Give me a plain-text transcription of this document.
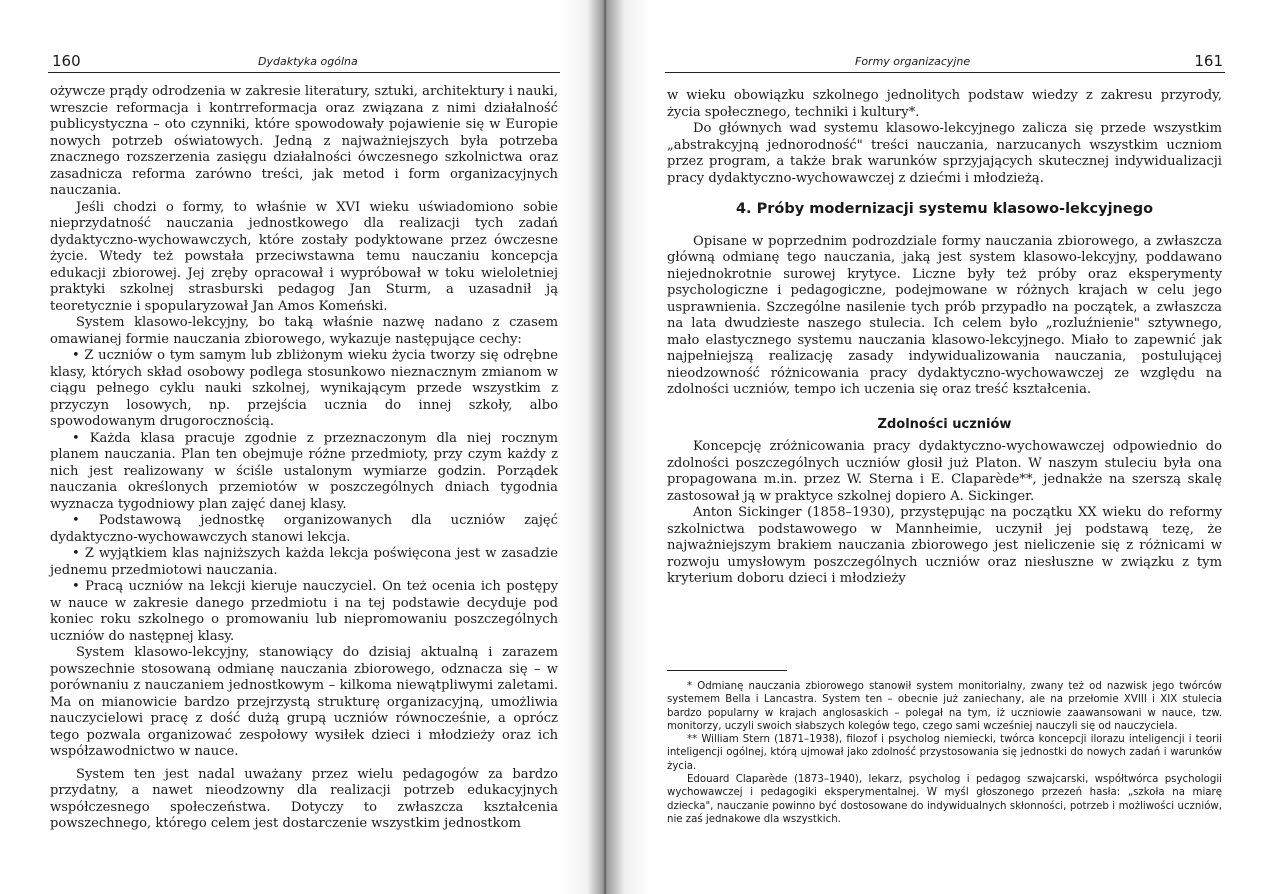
160	Dydaktyka ogólna

ożywcze prądy odrodzenia w zakresie literatury, sztuki, architektury i nauki, wreszcie reformacja i kontrreformacja oraz związana z nimi działalność publicystyczna – oto czynniki, które spowodowały pojawienie się w Europie nowych potrzeb oświatowych. Jedną z najważniejszych była potrzeba znacznego rozszerzenia zasięgu działalności ówczesnego szkolnictwa oraz zasadnicza reforma zarówno treści, jak metod i form organizacyjnych nauczania.

Jeśli chodzi o formy, to właśnie w XVI wieku uświadomiono sobie nieprzydatność nauczania jednostkowego dla realizacji tych zadań dydaktyczno-wychowawczych, które zostały podyktowane przez ówczesne życie. Wtedy też powstała przeciwstawna temu nauczaniu koncepcja edukacji zbiorowej. Jej zręby opracował i wypróbował w toku wieloletniej praktyki szkolnej strasburski pedagog Jan Sturm, a uzasadnił ją teoretycznie i spopularyzował Jan Amos Komeński.

System klasowo-lekcyjny, bo taką właśnie nazwę nadano z czasem omawianej formie nauczania zbiorowego, wykazuje następujące cechy:

• Z uczniów o tym samym lub zbliżonym wieku życia tworzy się odrębne klasy, których skład osobowy podlega stosunkowo nieznacznym zmianom w ciągu pełnego cyklu nauki szkolnej, wynikającym przede wszystkim z przyczyn losowych, np. przejścia ucznia do innej szkoły, albo spowodowanym drugorocznością.

• Każda klasa pracuje zgodnie z przeznaczonym dla niej rocznym planem nauczania. Plan ten obejmuje różne przedmioty, przy czym każdy z nich jest realizowany w ściśle ustalonym wymiarze godzin. Porządek nauczania określonych przemiotów w poszczególnych dniach tygodnia wyznacza tygodniowy plan zajęć danej klasy.

• Podstawową jednostkę organizowanych dla uczniów zajęć dydaktyczno-wychowawczych stanowi lekcja.

• Z wyjątkiem klas najniższych każda lekcja poświęcona jest w zasadzie jednemu przedmiotowi nauczania.

• Pracą uczniów na lekcji kieruje nauczyciel. On też ocenia ich postępy w nauce w zakresie danego przedmiotu i na tej podstawie decyduje pod koniec roku szkolnego o promowaniu lub niepromowaniu poszczególnych uczniów do następnej klasy.

System klasowo-lekcyjny, stanowiący do dzisiaj aktualną i zarazem powszechnie stosowaną odmianę nauczania zbiorowego, odznacza się – w porównaniu z nauczaniem jednostkowym – kilkoma niewątpliwymi zaletami. Ma on mianowicie bardzo przejrzystą strukturę organizacyjną, umożliwia nauczycielowi pracę z dość dużą grupą uczniów równocześnie, a oprócz tego pozwala organizować zespołowy wysiłek dzieci i młodzieży oraz ich współzawodnictwo w nauce.

System ten jest nadal uważany przez wielu pedagogów za bardzo przydatny, a nawet nieodzowny dla realizacji potrzeb edukacyjnych współczesnego społeczeństwa. Dotyczy to zwłaszcza kształcenia powszechnego, którego celem jest dostarczenie wszystkim jednostkom

Formy organizacyjne	161

w wieku obowiązku szkolnego jednolitych podstaw wiedzy z zakresu przyrody, życia społecznego, techniki i kultury*.

Do głównych wad systemu klasowo-lekcyjnego zalicza się przede wszystkim „abstrakcyjną jednorodność" treści nauczania, narzucanych wszystkim uczniom przez program, a także brak warunków sprzyjających skutecznej indywidualizacji pracy dydaktyczno-wychowawczej z dziećmi i młodzieżą.

4. Próby modernizacji systemu klasowo-lekcyjnego

Opisane w poprzednim podrozdziale formy nauczania zbiorowego, a zwłaszcza główną odmianę tego nauczania, jaką jest system klasowo-lekcyjny, poddawano niejednokrotnie surowej krytyce. Liczne były też próby oraz eksperymenty psychologiczne i pedagogiczne, podejmowane w różnych krajach w celu jego usprawnienia. Szczególne nasilenie tych prób przypadło na początek, a zwłaszcza na lata dwudzieste naszego stulecia. Ich celem było „rozluźnienie" sztywnego, mało elastycznego systemu nauczania klasowo-lekcyjnego. Miało to zapewnić jak najpełniejszą realizację zasady indywidualizowania nauczania, postulującej nieodzowność różnicowania pracy dydaktyczno-wychowawczej ze względu na zdolności uczniów, tempo ich uczenia się oraz treść kształcenia.

Zdolności uczniów

Koncepcję zróżnicowania pracy dydaktyczno-wychowawczej odpowiednio do zdolności poszczególnych uczniów głosił już Platon. W naszym stuleciu była ona propagowana m.in. przez W. Sterna i E. Claparède**, jednakże na szerszą skalę zastosował ją w praktyce szkolnej dopiero A. Sickinger.

Anton Sickinger (1858–1930), przystępując na początku XX wieku do reformy szkolnictwa podstawowego w Mannheimie, uczynił jej podstawą tezę, że najważniejszym brakiem nauczania zbiorowego jest nieliczenie się z różnicami w rozwoju umysłowym poszczególnych uczniów oraz niesłuszne w związku z tym kryterium doboru dzieci i młodzieży

* Odmianę nauczania zbiorowego stanowił system monitorialny, zwany też od nazwisk jego twórców systemem Bella i Lancastra. System ten – obecnie już zaniechany, ale na przełomie XVIII i XIX stulecia bardzo popularny w krajach anglosaskich – polegał na tym, iż uczniowie zaawansowani w nauce, tzw. monitorzy, uczyli swoich słabszych kolegów tego, czego sami wcześniej nauczyli się od nauczyciela.

** William Stern (1871–1938), filozof i psycholog niemiecki, twórca koncepcji ilorazu inteligencji i teorii inteligencji ogólnej, którą ujmował jako zdolność przystosowania się jednostki do nowych zadań i warunków życia.

Edouard Claparède (1873–1940), lekarz, psycholog i pedagog szwajcarski, współtwórca psychologii wychowawczej i pedagogiki eksperymentalnej. W myśl głoszonego przezeń hasła: „szkoła na miarę dziecka", nauczanie powinno być dostosowane do indywidualnych skłonności, potrzeb i możliwości uczniów, nie zaś jednakowe dla wszystkich.
